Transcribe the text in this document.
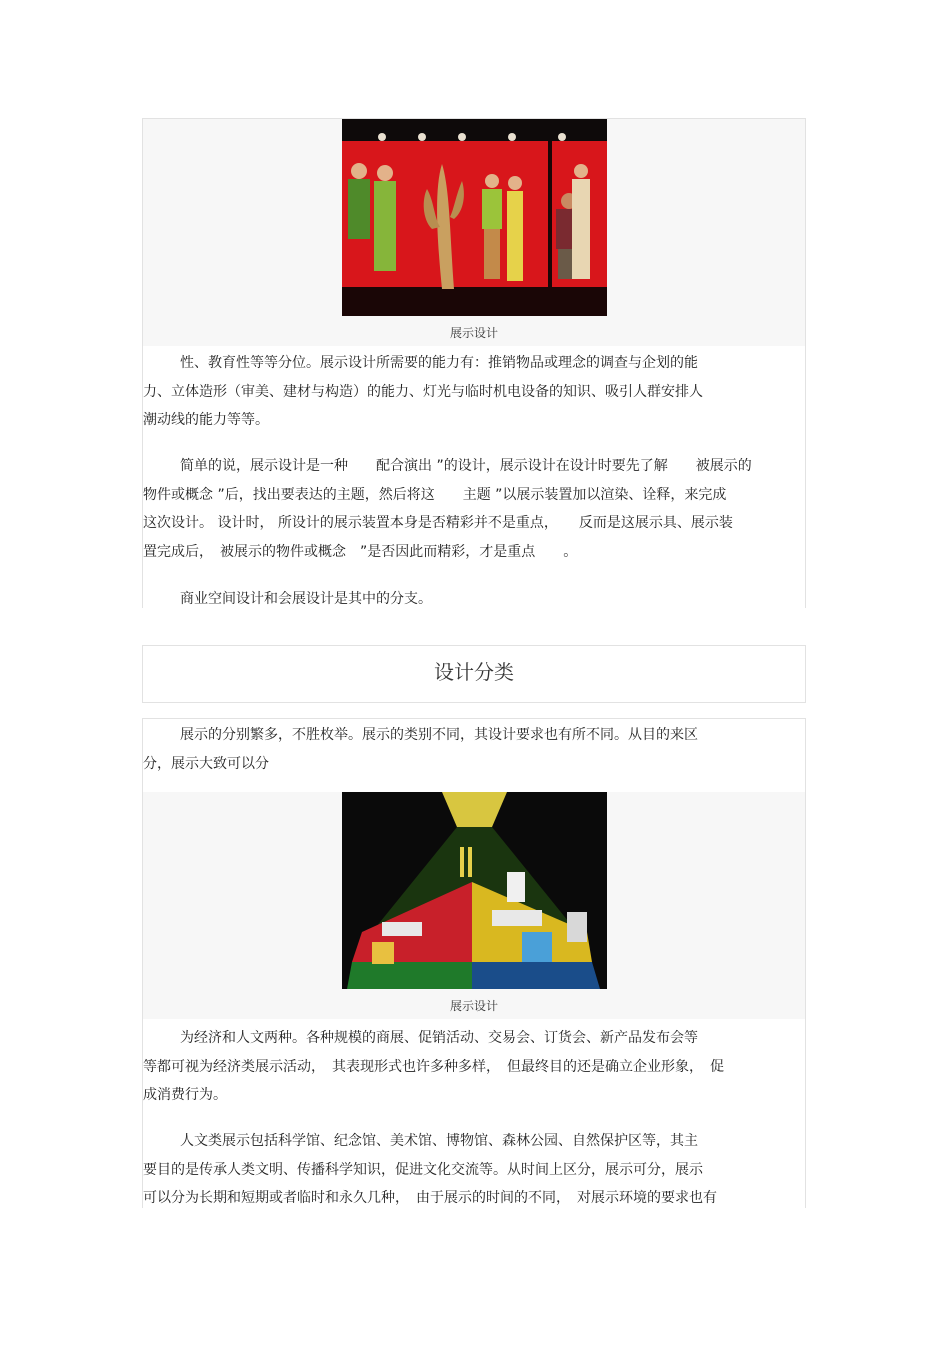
展示设计
性、教育性等等分位。展示设计所需要的能力有：推销物品或理念的调查与企划的能
力、立体造形（审美、建材与构造）的能力、灯光与临时机电设备的知识、吸引人群安排人
潮动线的能力等等。
简单的说，展示设计是一种　　配合演出 ”的设计，展示设计在设计时要先了解　　被展示的
物件或概念 ”后，找出要表达的主题，然后将这　　主题 ”以展示装置加以渲染、诠释，来完成
这次设计。 设计时， 所设计的展示装置本身是否精彩并不是重点，　　反而是这展示具、展示装
置完成后，　被展示的物件或概念　”是否因此而精彩，才是重点　　。
商业空间设计和会展设计是其中的分支。
设计分类
展示的分别繁多，不胜枚举。展示的类别不同，其设计要求也有所不同。从目的来区
分，展示大致可以分
展示设计
为经济和人文两种。各种规模的商展、促销活动、交易会、订货会、新产品发布会等
等都可视为经济类展示活动，　其表现形式也许多种多样，　但最终目的还是确立企业形象，　促
成消费行为。
人文类展示包括科学馆、纪念馆、美术馆、博物馆、森林公园、自然保护区等，其主
要目的是传承人类文明、传播科学知识，促进文化交流等。从时间上区分，展示可分，展示
可以分为长期和短期或者临时和永久几种，　由于展示的时间的不同，　对展示环境的要求也有
